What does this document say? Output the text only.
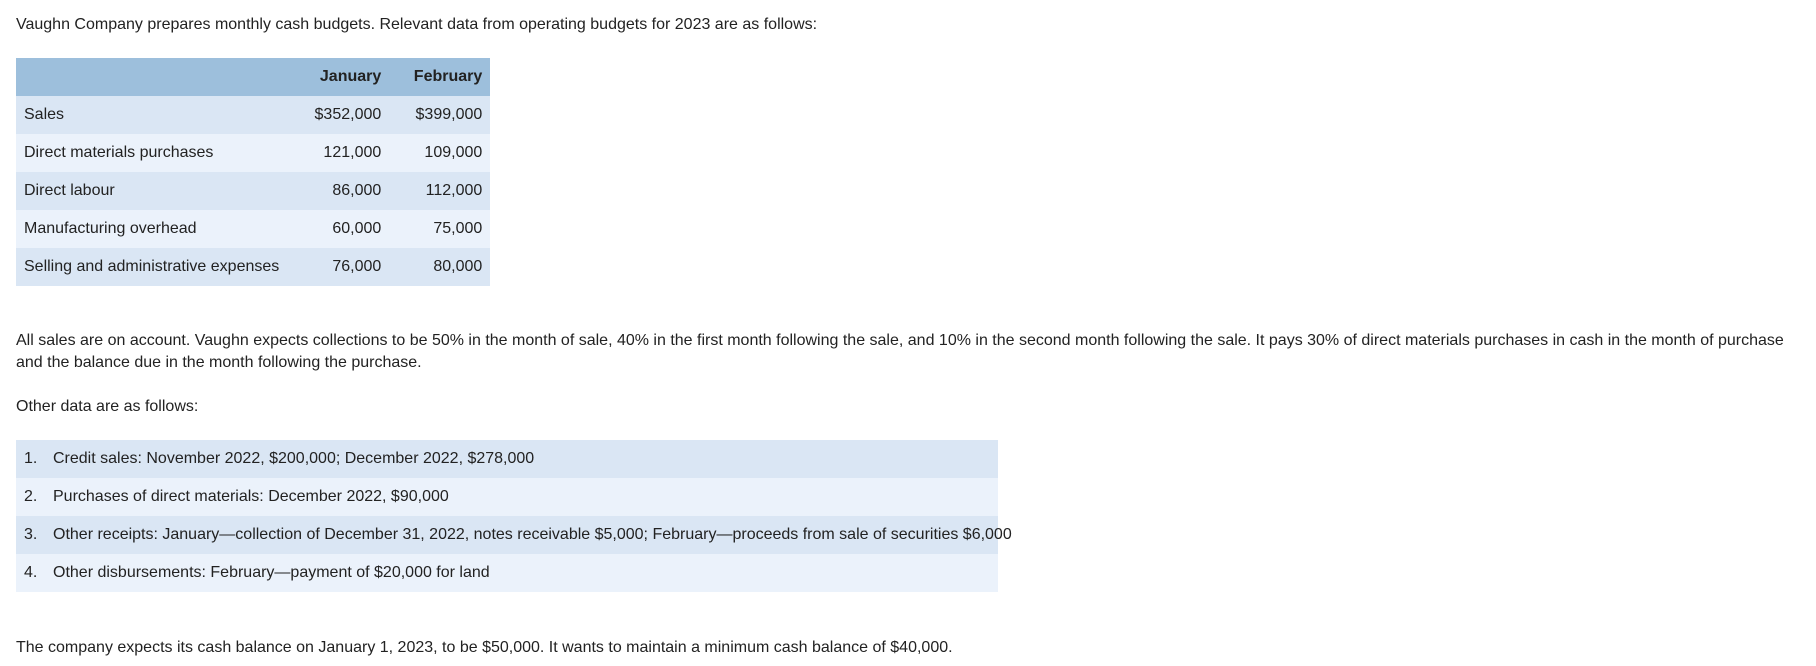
Vaughn Company prepares monthly cash budgets. Relevant data from operating budgets for 2023 are as follows:
	January	February
Sales	$352,000	$399,000
Direct materials purchases	121,000	109,000
Direct labour	86,000	112,000
Manufacturing overhead	60,000	75,000
Selling and administrative expenses	76,000	80,000
All sales are on account. Vaughn expects collections to be 50% in the month of sale, 40% in the first month following the sale, and 10% in the second month following the sale. It pays 30% of direct materials purchases in cash in the month of purchase and the balance due in the month following the purchase.
Other data are as follows:
1. Credit sales: November 2022, $200,000; December 2022, $278,000
2. Purchases of direct materials: December 2022, $90,000
3. Other receipts: January—collection of December 31, 2022, notes receivable $5,000; February—proceeds from sale of securities $6,000
4. Other disbursements: February—payment of $20,000 for land
The company expects its cash balance on January 1, 2023, to be $50,000. It wants to maintain a minimum cash balance of $40,000.
